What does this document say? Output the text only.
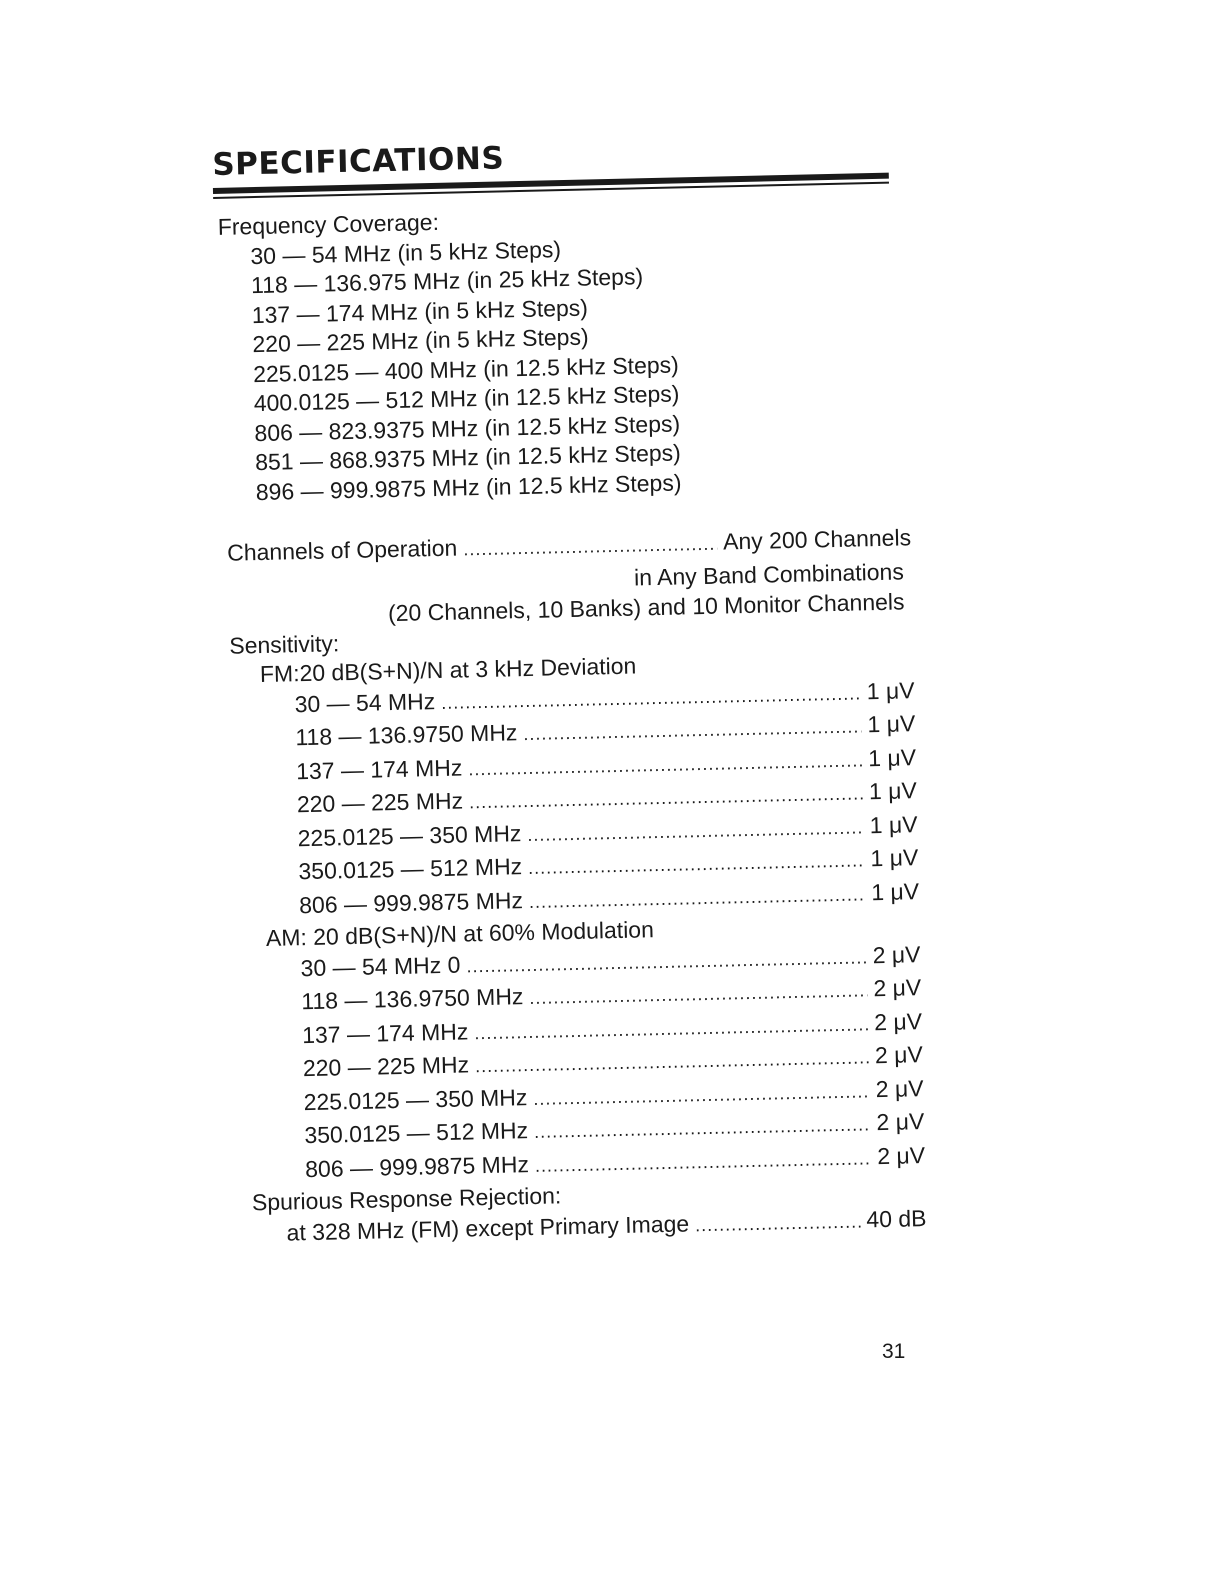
SPECIFICATIONS
Frequency Coverage:
30 — 54 MHz (in 5 kHz Steps)
118 — 136.975 MHz (in 25 kHz Steps)
137 — 174 MHz (in 5 kHz Steps)
220 — 225 MHz (in 5 kHz Steps)
225.0125 — 400 MHz (in 12.5 kHz Steps)
400.0125 — 512 MHz (in 12.5 kHz Steps)
806 — 823.9375 MHz (in 12.5 kHz Steps)
851 — 868.9375 MHz (in 12.5 kHz Steps)
896 — 999.9875 MHz (in 12.5 kHz Steps)
Channels of Operation .....	Any 200 Channels
in Any Band Combinations
(20 Channels, 10 Banks) and 10 Monitor Channels
Sensitivity:
FM:20 dB(S+N)/N at 3 kHz Deviation
30 — 54 MHz .....	1 μV
118 — 136.9750 MHz .....	1 μV
137 — 174 MHz .....	1 μV
220 — 225 MHz .....	1 μV
225.0125 — 350 MHz .....	1 μV
350.0125 — 512 MHz .....	1 μV
806 — 999.9875 MHz .....	1 μV
AM: 20 dB(S+N)/N at 60% Modulation
30 — 54 MHz 0 .....	2 μV
118 — 136.9750 MHz .....	2 μV
137 — 174 MHz .....	2 μV
220 — 225 MHz .....	2 μV
225.0125 — 350 MHz .....	2 μV
350.0125 — 512 MHz .....	2 μV
806 — 999.9875 MHz .....	2 μV
Spurious Response Rejection:
at 328 MHz (FM) except Primary Image .....	40 dB
31
